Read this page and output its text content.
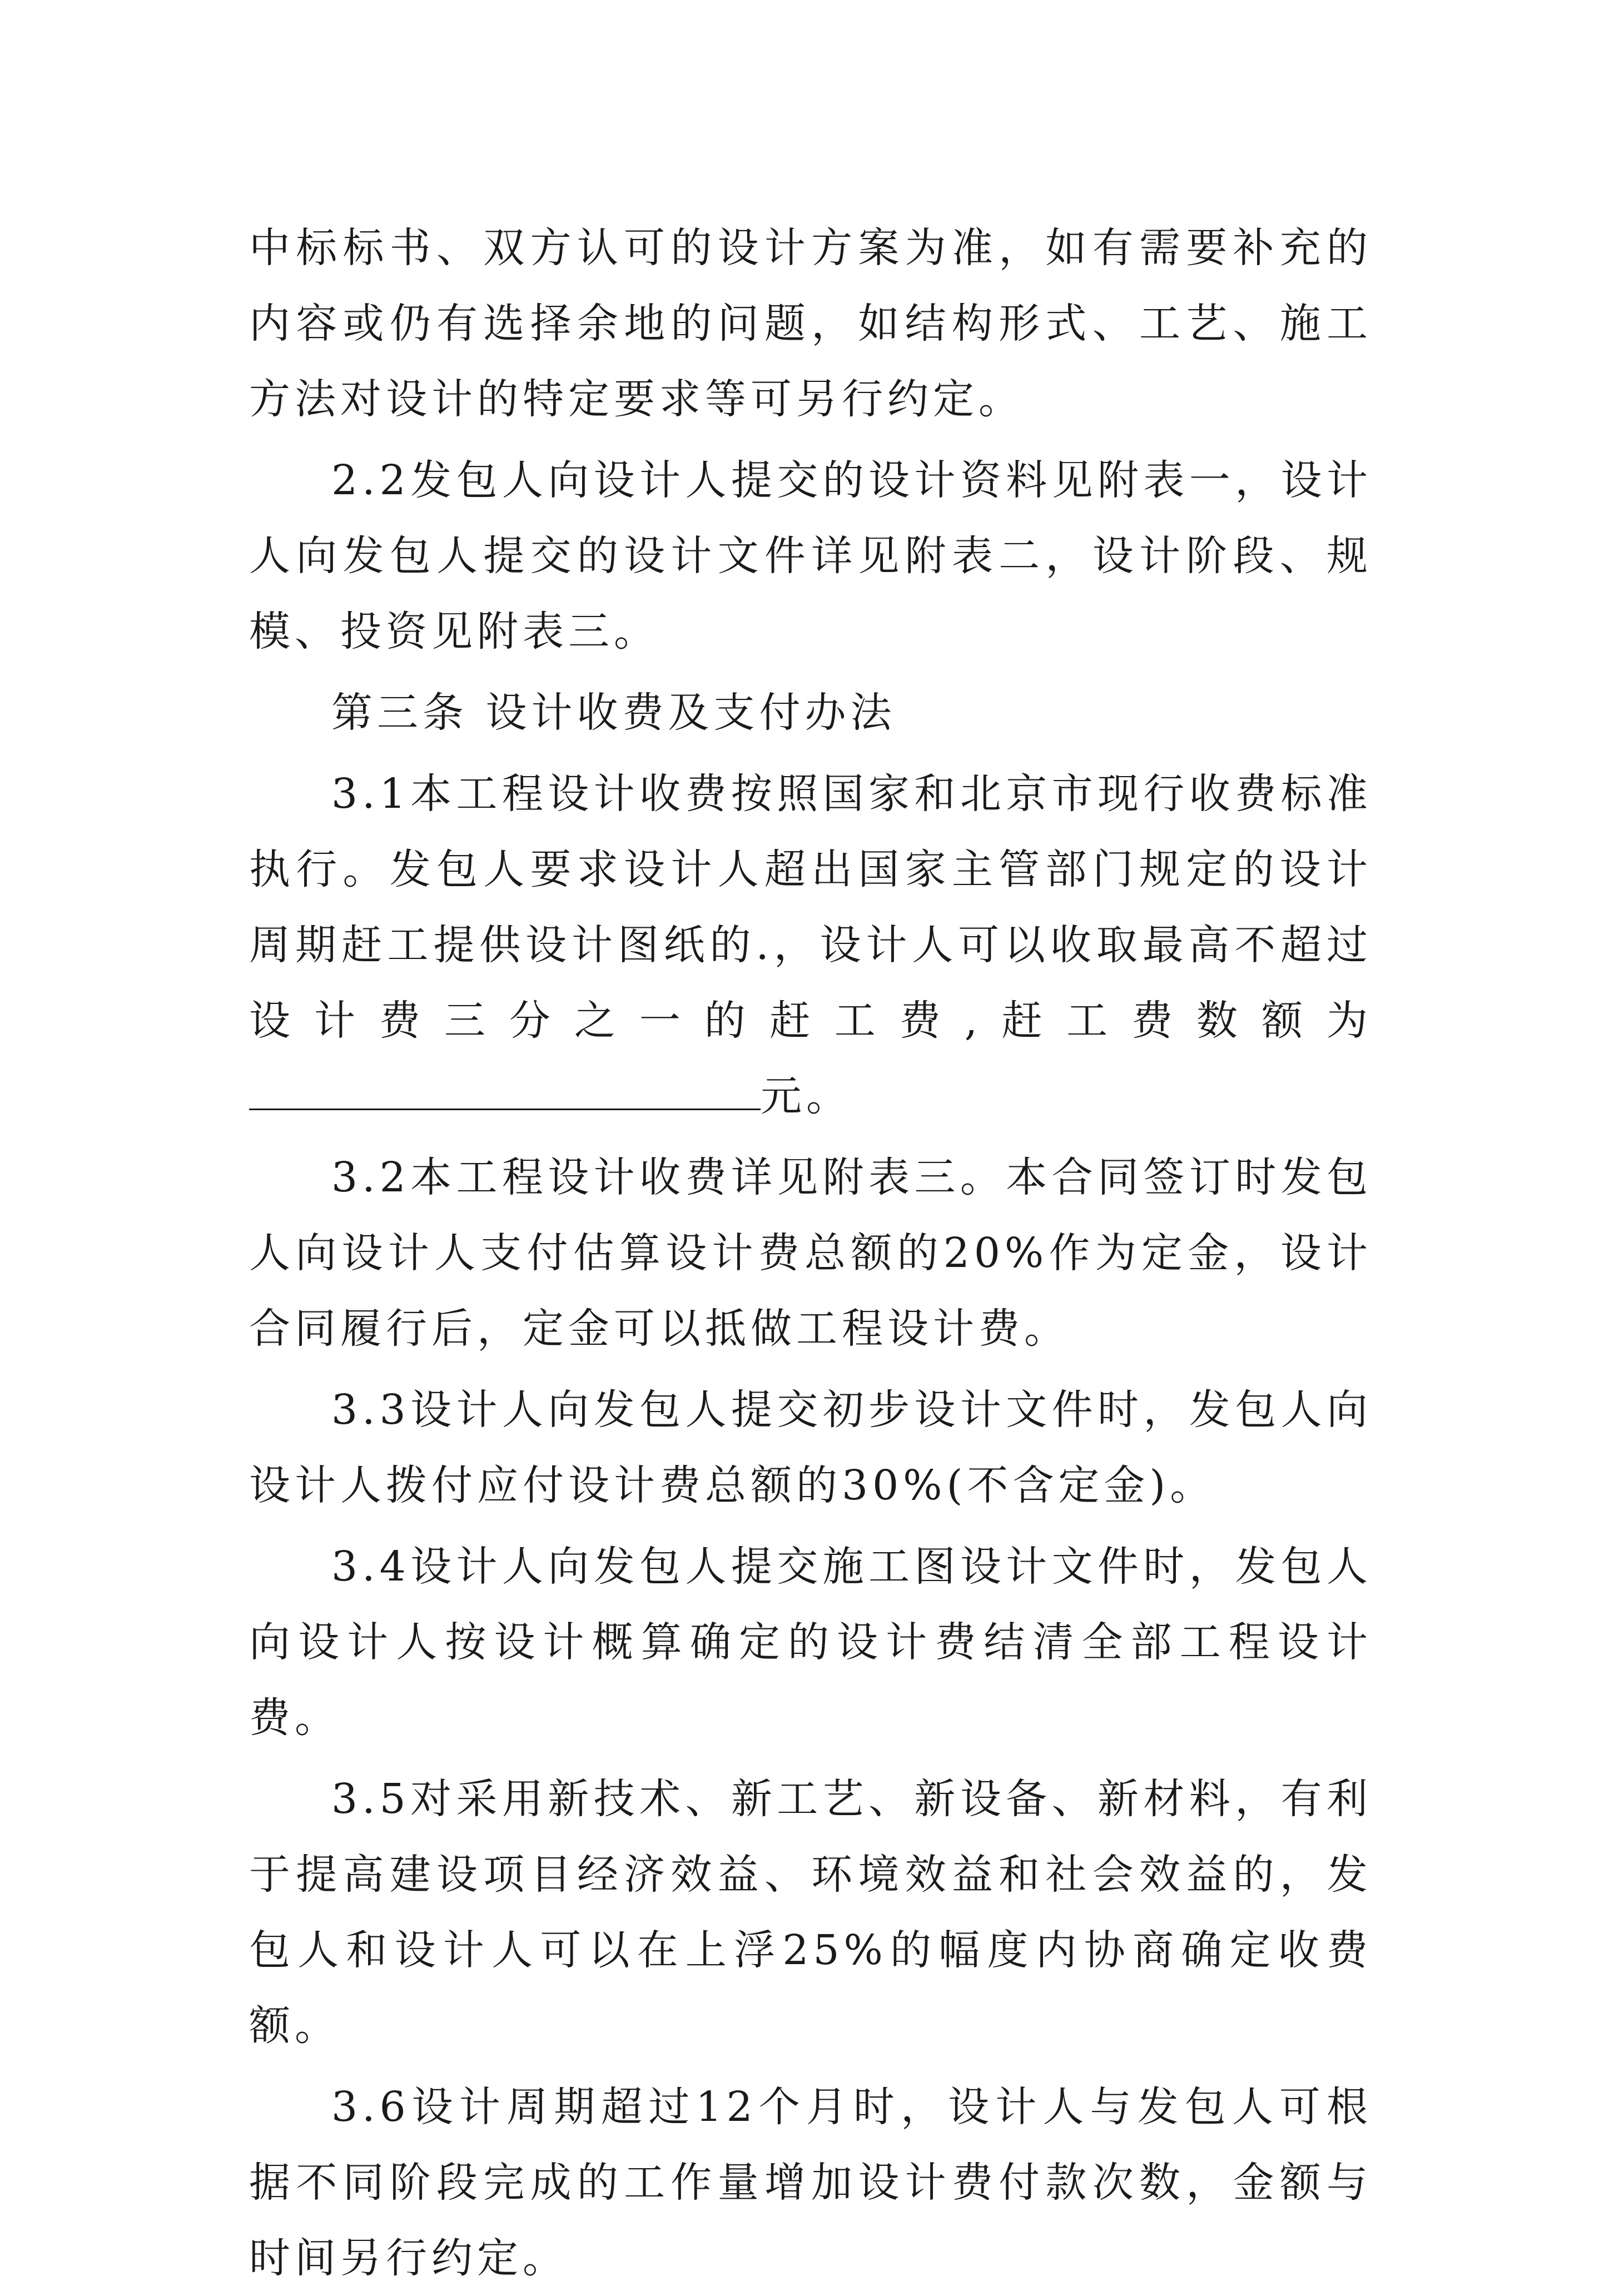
中标标书、双方认可的设计方案为准，如有需要补充的内容或仍有选择余地的问题，如结构形式、工艺、施工方法对设计的特定要求等可另行约定。

2.2发包人向设计人提交的设计资料见附表一，设计人向发包人提交的设计文件详见附表二，设计阶段、规模、投资见附表三。

第三条 设计收费及支付办法

3.1本工程设计收费按照国家和北京市现行收费标准执行。发包人要求设计人超出国家主管部门规定的设计周期赶工提供设计图纸的.，设计人可以收取最高不超过设计费三分之一的赶工费,赶工费数额为元。

3.2本工程设计收费详见附表三。本合同签订时发包人向设计人支付估算设计费总额的20%作为定金，设计合同履行后，定金可以抵做工程设计费。

3.3设计人向发包人提交初步设计文件时，发包人向设计人拨付应付设计费总额的30%(不含定金)。

3.4设计人向发包人提交施工图设计文件时，发包人向设计人按设计概算确定的设计费结清全部工程设计费。

3.5对采用新技术、新工艺、新设备、新材料，有利于提高建设项目经济效益、环境效益和社会效益的，发包人和设计人可以在上浮25%的幅度内协商确定收费额。

3.6设计周期超过12个月时，设计人与发包人可根据不同阶段完成的工作量增加设计费付款次数，金额与时间另行约定。
